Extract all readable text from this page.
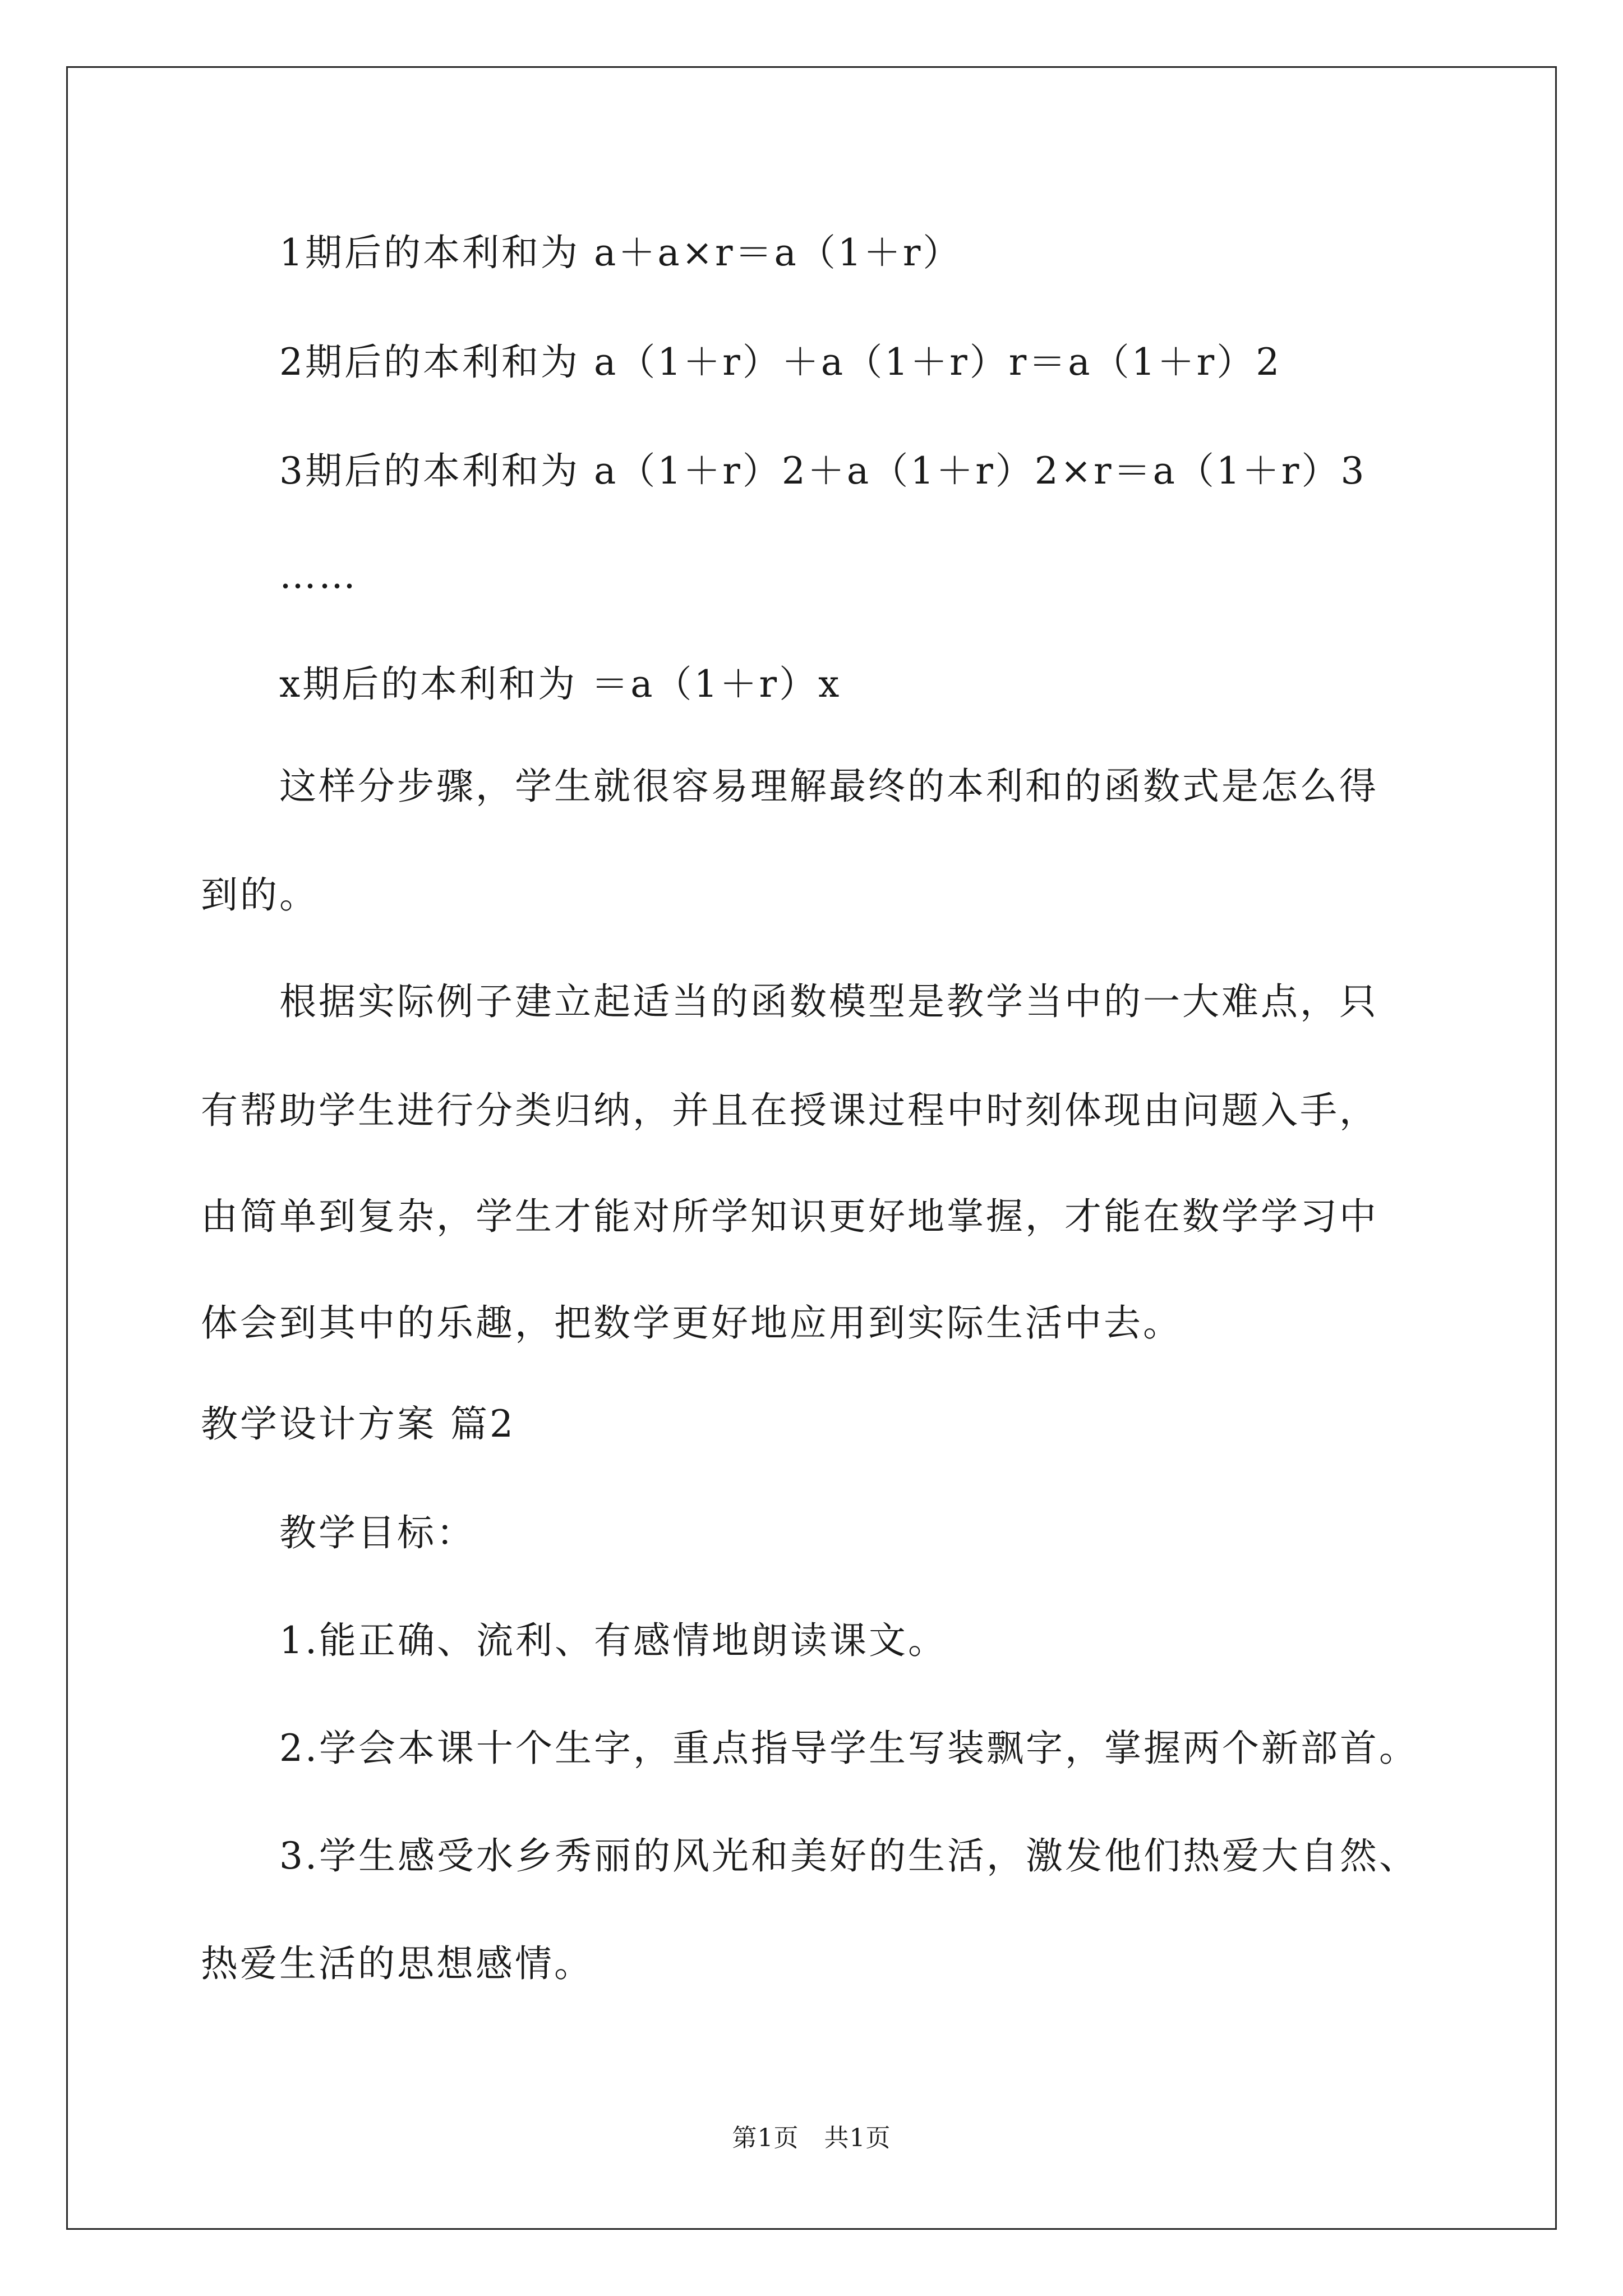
1期后的本利和为 a＋a×r＝a（1＋r）
2期后的本利和为 a（1＋r）＋a（1＋r）r＝a（1＋r）2
3期后的本利和为 a（1＋r）2＋a（1＋r）2×r＝a（1＋r）3
……
x期后的本利和为 ＝a（1＋r）x
这样分步骤，学生就很容易理解最终的本利和的函数式是怎么得
到的。
根据实际例子建立起适当的函数模型是教学当中的一大难点，只
有帮助学生进行分类归纳，并且在授课过程中时刻体现由问题入手，
由简单到复杂，学生才能对所学知识更好地掌握，才能在数学学习中
体会到其中的乐趣，把数学更好地应用到实际生活中去。
教学设计方案 篇2
教学目标：
1.能正确、流利、有感情地朗读课文。
2.学会本课十个生字，重点指导学生写装飘字，掌握两个新部首。
3.学生感受水乡秀丽的风光和美好的生活，激发他们热爱大自然、
热爱生活的思想感情。
第1页　共1页
